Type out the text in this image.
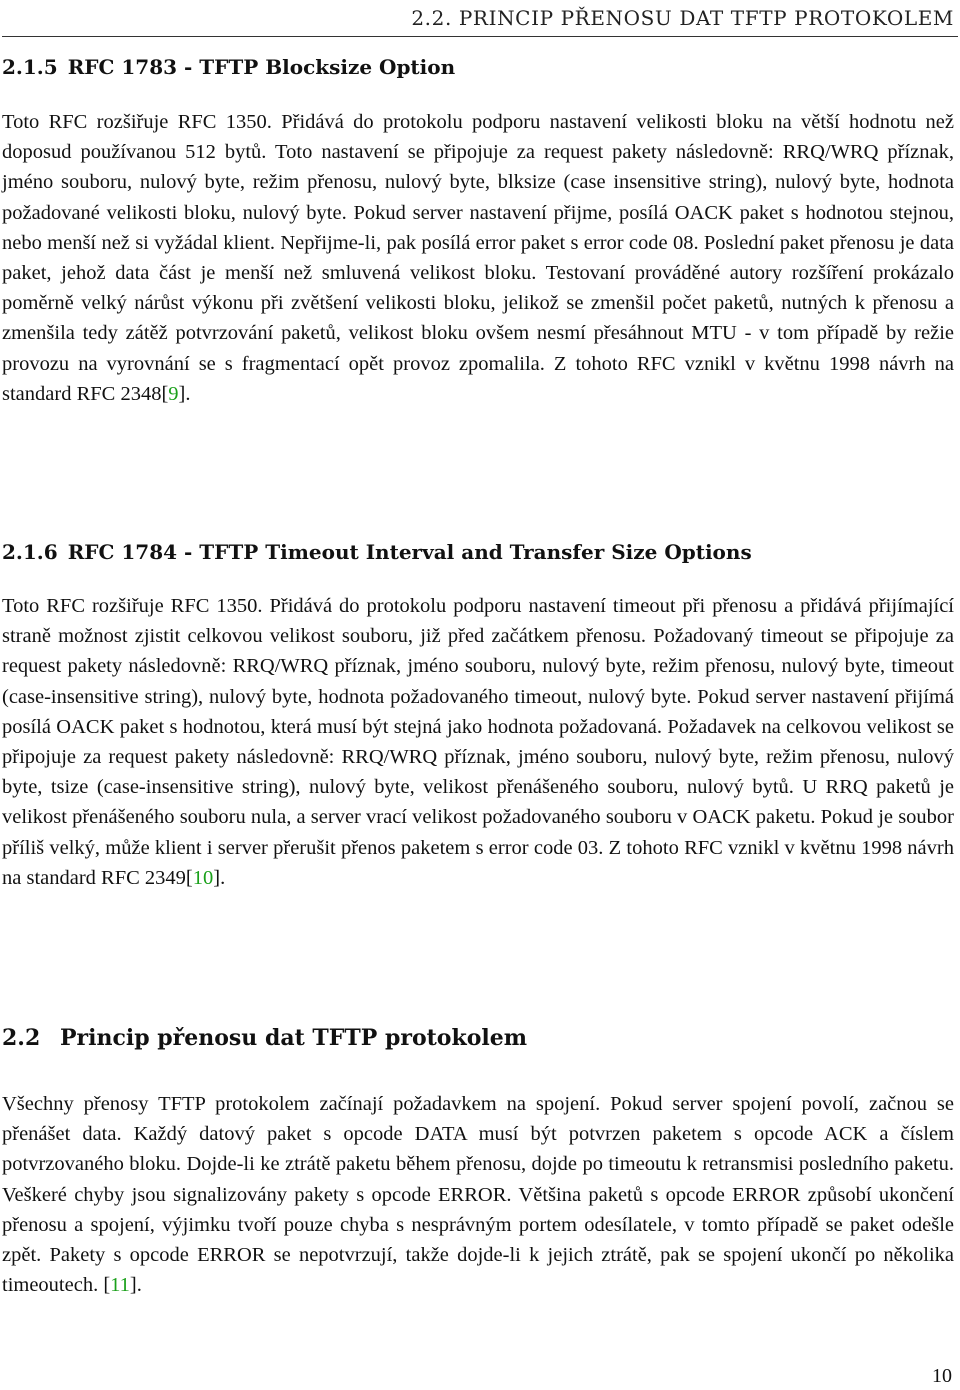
2.2. PRINCIP PŘENOSU DAT TFTP PROTOKOLEM
2.1.5 RFC 1783 - TFTP Blocksize Option

Toto RFC rozšiřuje RFC 1350. Přidává do protokolu podporu nastavení velikosti bloku na větší hodnotu než doposud používanou 512 bytů. Toto nastavení se připojuje za request pakety následovně: RRQ/WRQ příznak, jméno souboru, nulový byte, režim přenosu, nulový byte, blksize (case insensitive string), nulový byte, hodnota požadované velikosti bloku, nulový byte. Pokud server nastavení přijme, posílá OACK paket s hodnotou stejnou, nebo menší než si vyžádal klient. Nepřijme-li, pak posílá error paket s error code 08. Poslední paket přenosu je data paket, jehož data část je menší než smluvená velikost bloku. Testovaní prováděné autory rozšíření prokázalo poměrně velký nárůst výkonu při zvětšení velikosti bloku, jelikož se zmenšil počet paketů, nutných k přenosu a zmenšila tedy zátěž potvrzování paketů, velikost bloku ovšem nesmí přesáhnout MTU - v tom případě by režie provozu na vyrovnání se s fragmentací opět provoz zpomalila. Z tohoto RFC vznikl v květnu 1998 návrh na standard RFC 2348[9].

2.1.6 RFC 1784 - TFTP Timeout Interval and Transfer Size Options

Toto RFC rozšiřuje RFC 1350. Přidává do protokolu podporu nastavení timeout při přenosu a přidává přijímající straně možnost zjistit celkovou velikost souboru, již před začátkem přenosu. Požadovaný timeout se připojuje za request pakety následovně: RRQ/WRQ příznak, jméno souboru, nulový byte, režim přenosu, nulový byte, timeout (case-insensitive string), nulový byte, hodnota požadovaného timeout, nulový byte. Pokud server nastavení přijímá posílá OACK paket s hodnotou, která musí být stejná jako hodnota požadovaná. Požadavek na celkovou velikost se připojuje za request pakety následovně: RRQ/WRQ příznak, jméno souboru, nulový byte, režim přenosu, nulový byte, tsize (case-insensitive string), nulový byte, velikost přenášeného souboru, nulový bytů. U RRQ paketů je velikost přenášeného souboru nula, a server vrací velikost požadovaného souboru v OACK paketu. Pokud je soubor příliš velký, může klient i server přerušit přenos paketem s error code 03. Z tohoto RFC vznikl v květnu 1998 návrh na standard RFC 2349[10].

2.2 Princip přenosu dat TFTP protokolem

Všechny přenosy TFTP protokolem začínají požadavkem na spojení. Pokud server spojení povolí, začnou se přenášet data. Každý datový paket s opcode DATA musí být potvrzen paketem s opcode ACK a číslem potvrzovaného bloku. Dojde-li ke ztrátě paketu během přenosu, dojde po timeoutu k retransmisi posledního paketu. Veškeré chyby jsou signalizovány pakety s opcode ERROR. Většina paketů s opcode ERROR způsobí ukončení přenosu a spojení, výjimku tvoří pouze chyba s nesprávným portem odesílatele, v tomto případě se paket odešle zpět. Pakety s opcode ERROR se nepotvrzují, takže dojde-li k jejich ztrátě, pak se spojení ukončí po několika timeoutech. [11].

10
